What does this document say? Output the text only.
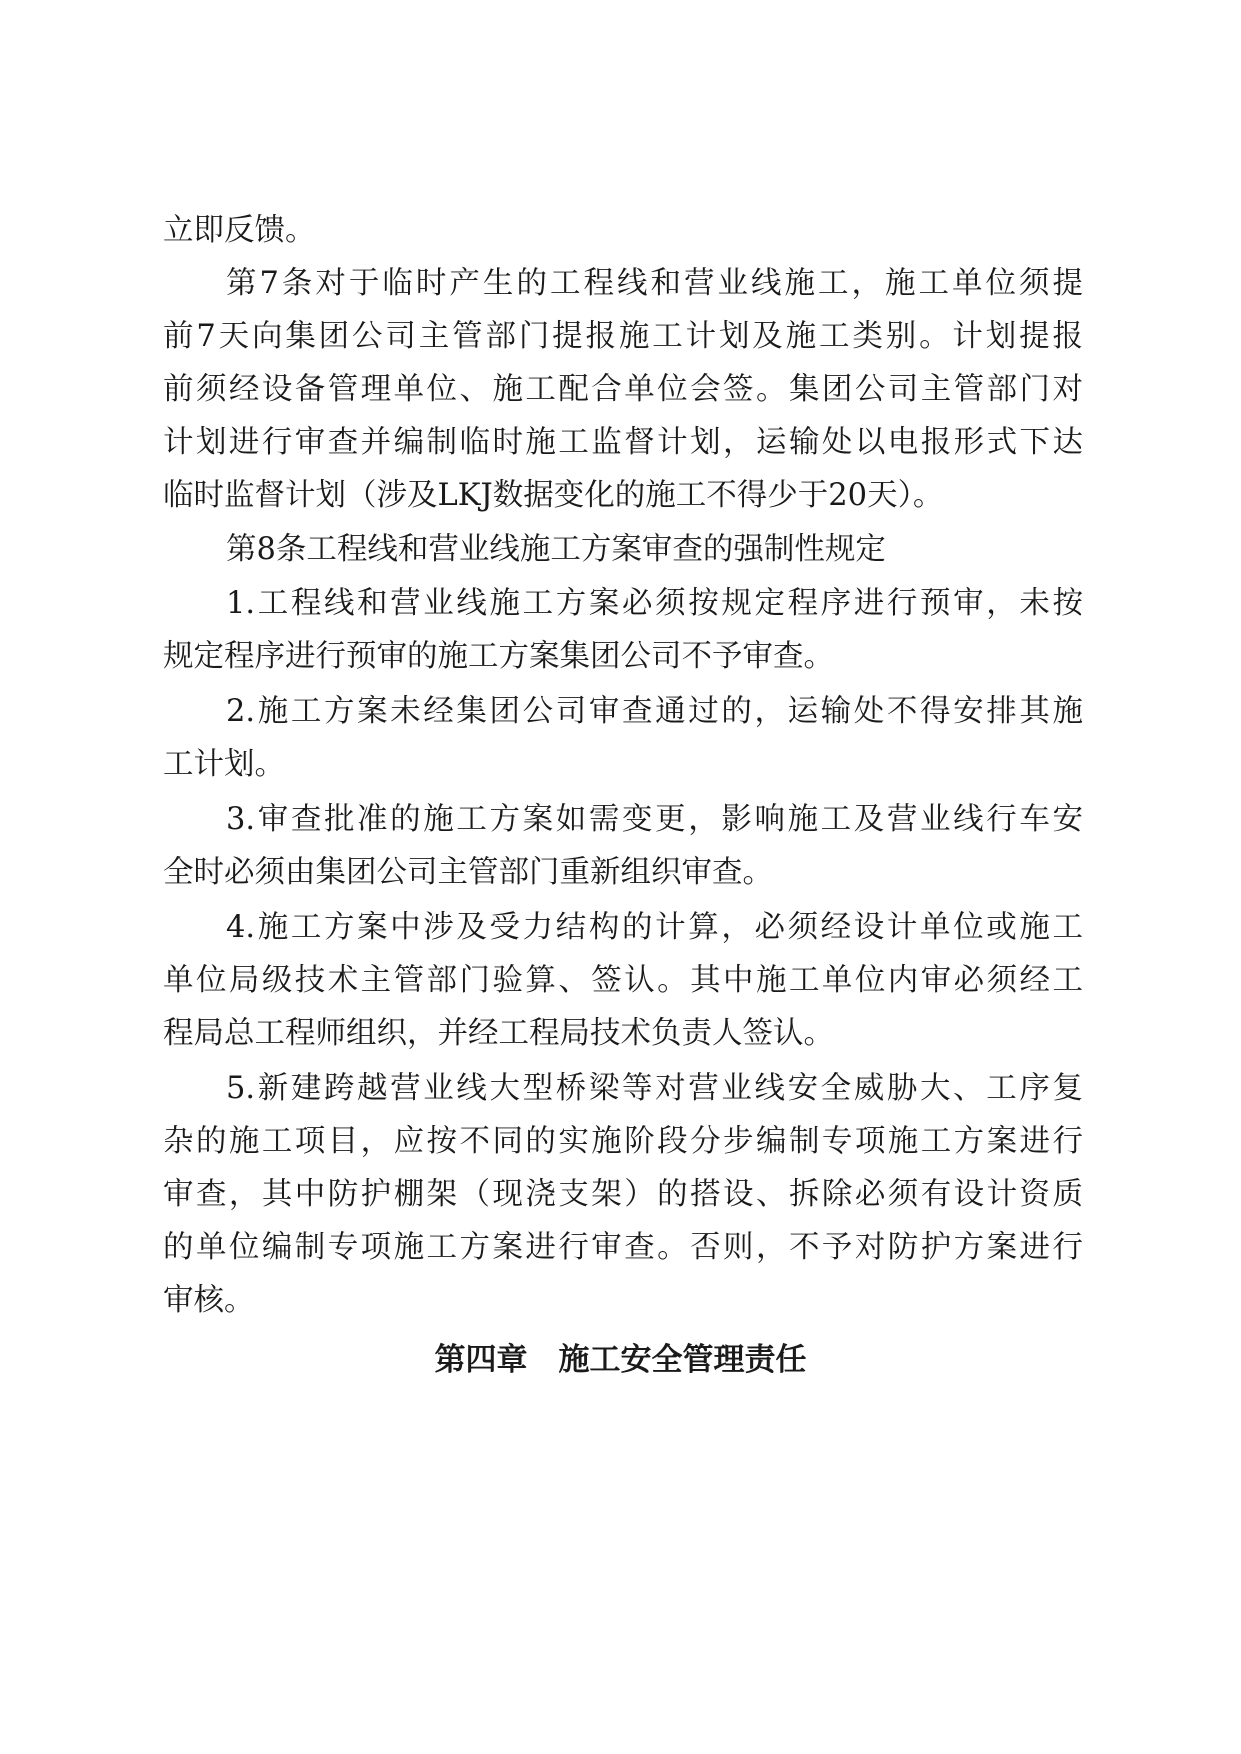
立即反馈。
第7条对于临时产生的工程线和营业线施工，施工单位须提
前7天向集团公司主管部门提报施工计划及施工类别。计划提报
前须经设备管理单位、施工配合单位会签。集团公司主管部门对
计划进行审查并编制临时施工监督计划，运输处以电报形式下达
临时监督计划（涉及LKJ数据变化的施工不得少于20天）。
第8条工程线和营业线施工方案审查的强制性规定
1.工程线和营业线施工方案必须按规定程序进行预审，未按
规定程序进行预审的施工方案集团公司不予审查。
2.施工方案未经集团公司审查通过的，运输处不得安排其施
工计划。
3.审查批准的施工方案如需变更，影响施工及营业线行车安
全时必须由集团公司主管部门重新组织审查。
4.施工方案中涉及受力结构的计算，必须经设计单位或施工
单位局级技术主管部门验算、签认。其中施工单位内审必须经工
程局总工程师组织，并经工程局技术负责人签认。
5.新建跨越营业线大型桥梁等对营业线安全威胁大、工序复
杂的施工项目，应按不同的实施阶段分步编制专项施工方案进行
审查，其中防护棚架（现浇支架）的搭设、拆除必须有设计资质
的单位编制专项施工方案进行审查。否则，不予对防护方案进行
审核。
第四章　施工安全管理责任
